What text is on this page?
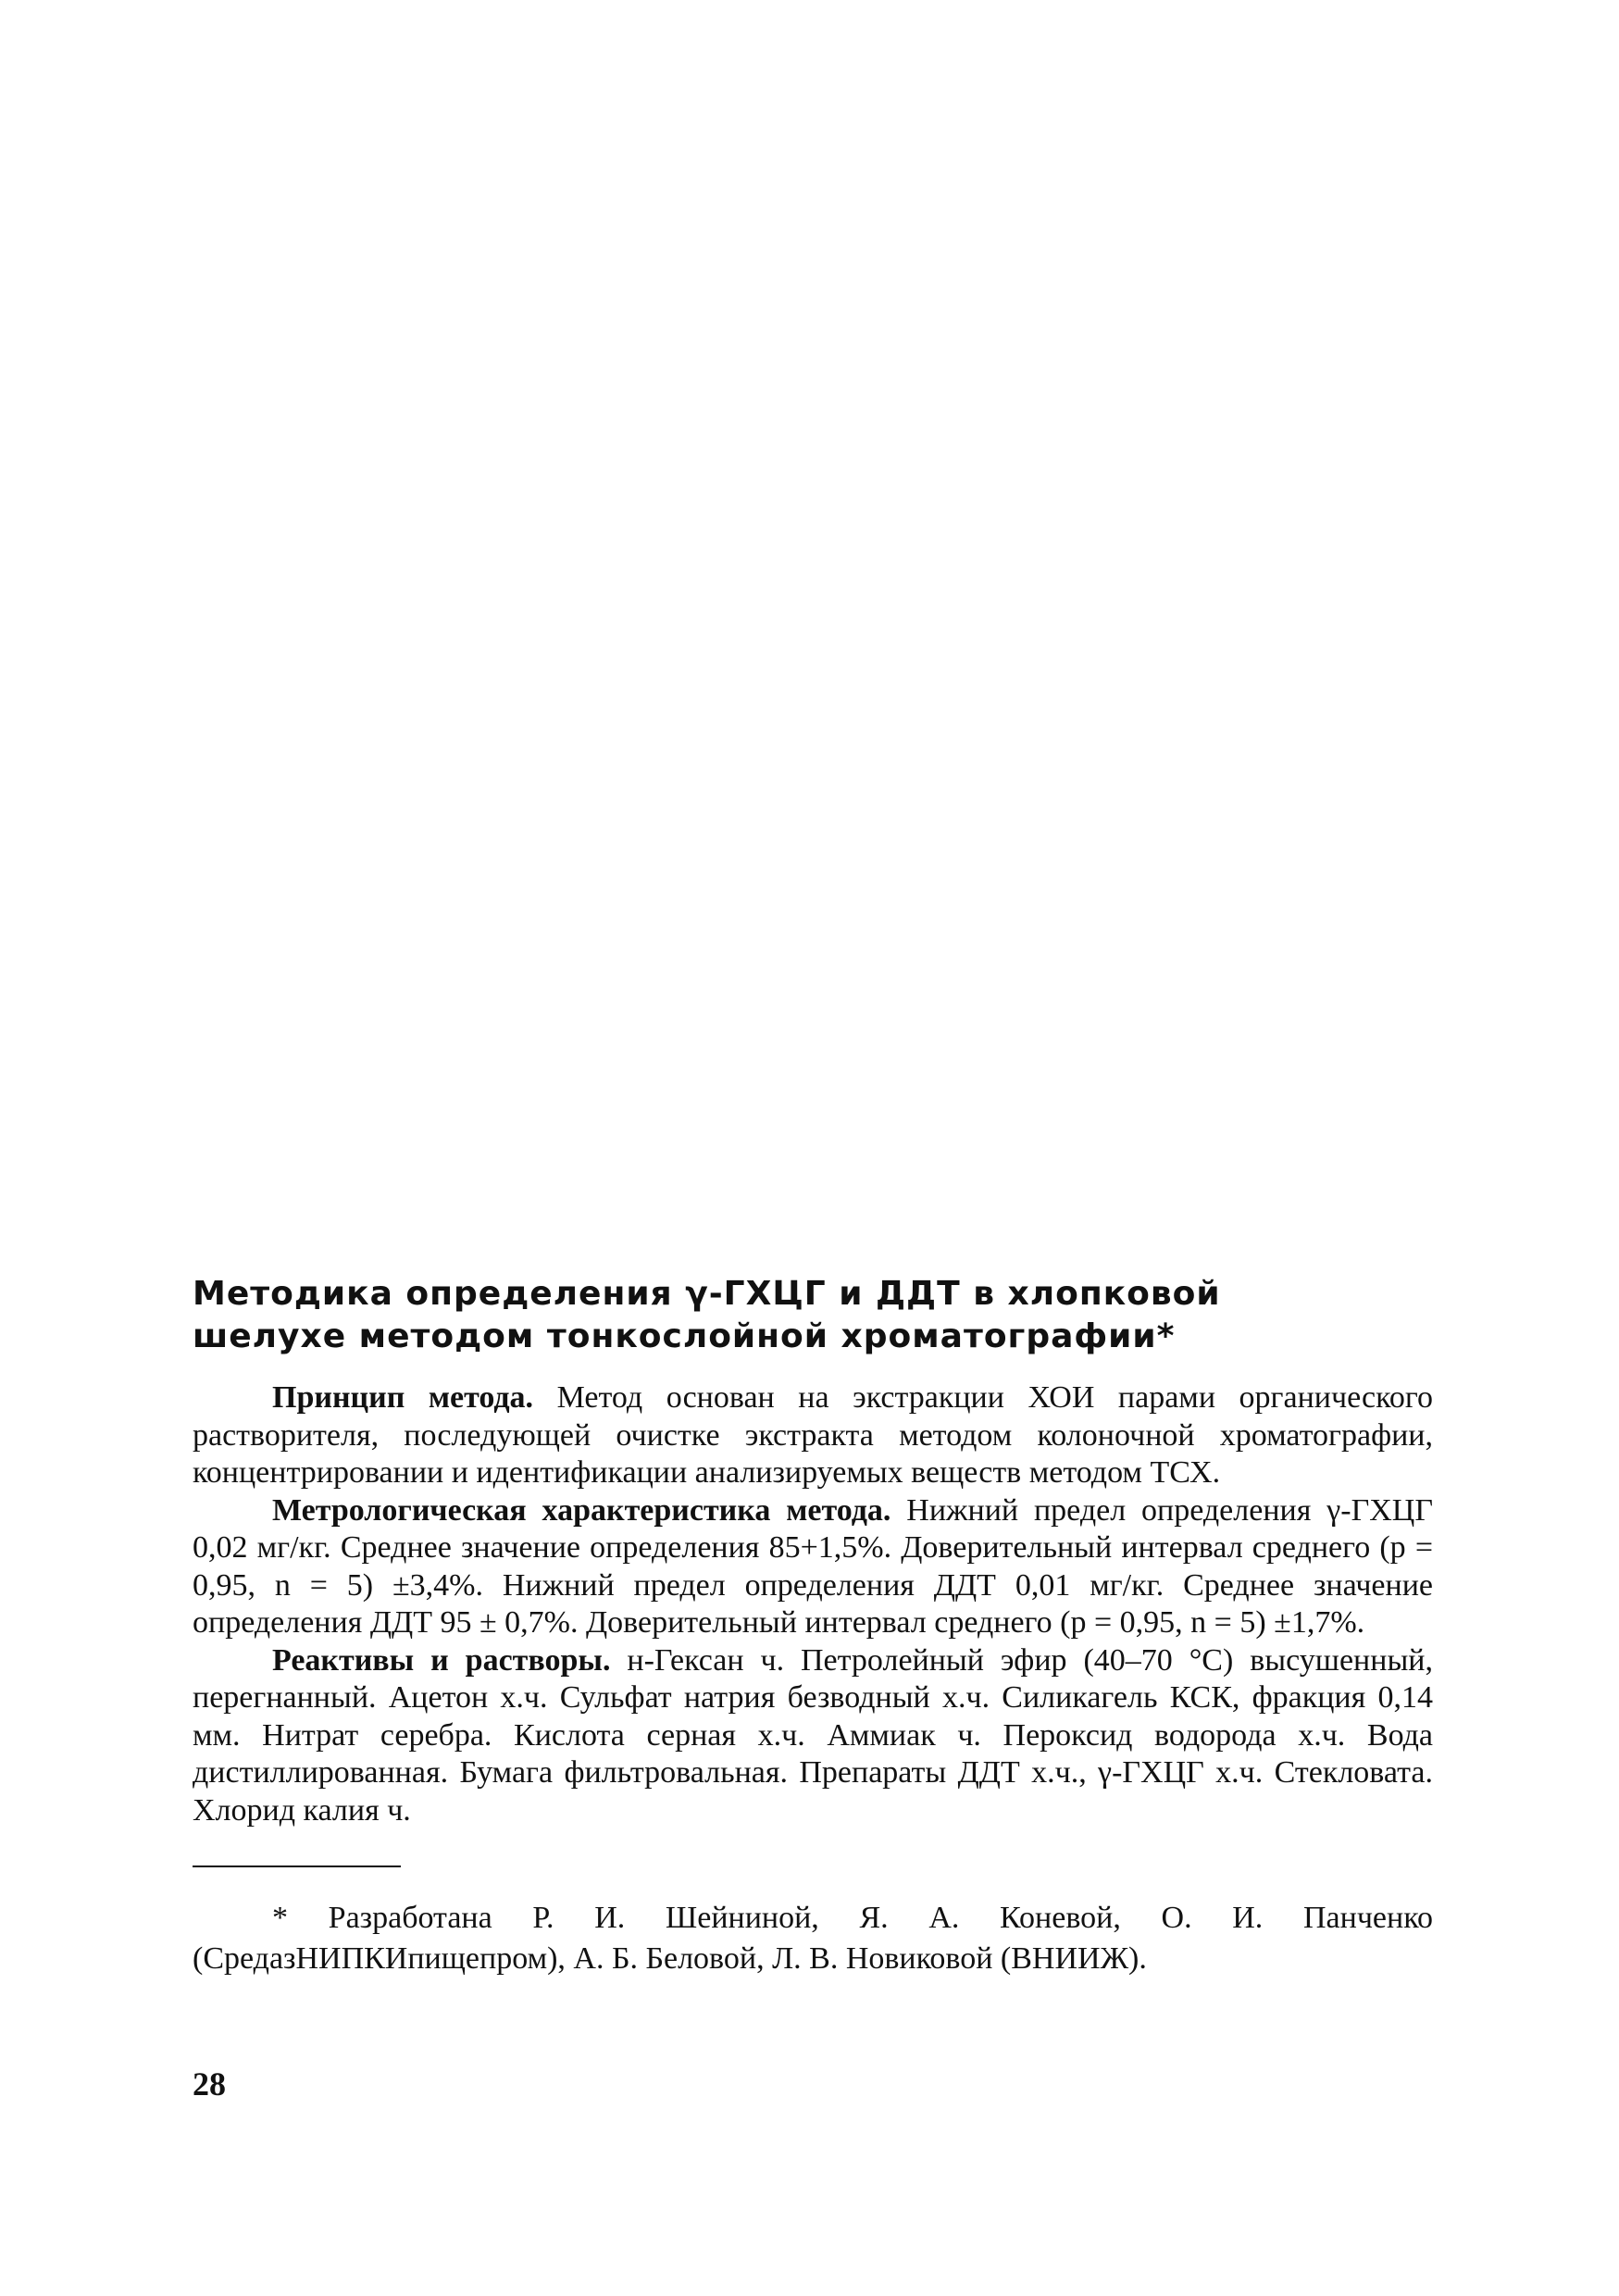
Методика определения γ-ГХЦГ и ДДТ в хлопковой
шелухе методом тонкослойной хроматографии*

Принцип метода. Метод основан на экстракции ХОИ парами органического растворителя, последующей очистке экстракта методом колоночной хроматографии, концентрировании и идентификации анализируемых веществ методом ТСХ.

Метрологическая характеристика метода. Нижний предел определения γ-ГХЦГ 0,02 мг/кг. Среднее значение определения 85+1,5%. Доверительный интервал среднего (p = 0,95, n = 5) ±3,4%. Нижний предел определения ДДТ 0,01 мг/кг. Среднее значение определения ДДТ 95 ± 0,7%. Доверительный интервал среднего (p = 0,95, n = 5) ±1,7%.

Реактивы и растворы. н-Гексан ч. Петролейный эфир (40–70 °С) высушенный, перегнанный. Ацетон х.ч. Сульфат натрия безводный х.ч. Силикагель КСК, фракция 0,14 мм. Нитрат серебра. Кислота серная х.ч. Аммиак ч. Пероксид водорода х.ч. Вода дистиллированная. Бумага фильтровальная. Препараты ДДТ х.ч., γ-ГХЦГ х.ч. Стекловата. Хлорид калия ч.

* Разработана Р. И. Шейниной, Я. А. Коневой, О. И. Панченко (СредазНИПКИпищепром), А. Б. Беловой, Л. В. Новиковой (ВНИИЖ).

28
